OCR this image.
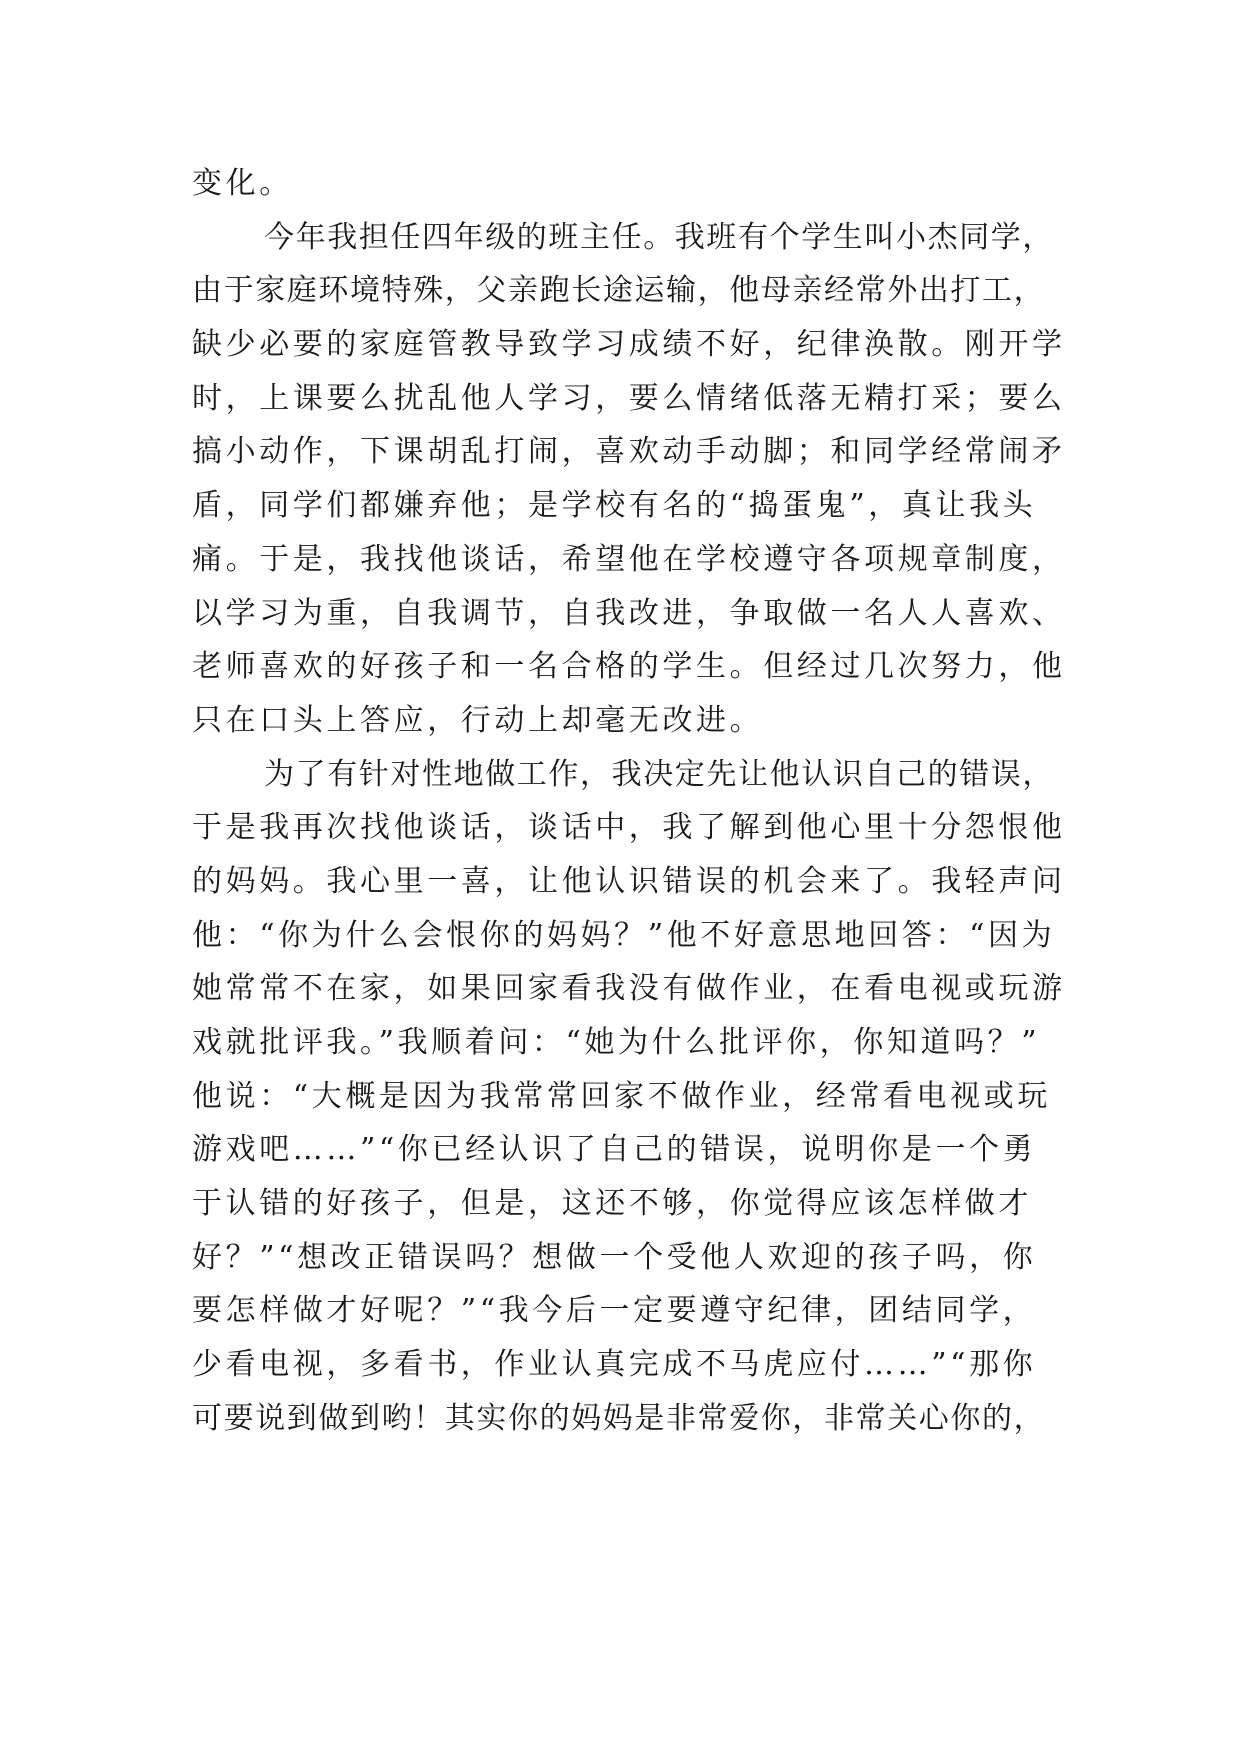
变化。
今年我担任四年级的班主任。我班有个学生叫小杰同学，
由于家庭环境特殊，父亲跑长途运输，他母亲经常外出打工，
缺少必要的家庭管教导致学习成绩不好，纪律涣散。刚开学
时，上课要么扰乱他人学习，要么情绪低落无精打采；要么
搞小动作，下课胡乱打闹，喜欢动手动脚；和同学经常闹矛
盾，同学们都嫌弃他；是学校有名的“捣蛋鬼”，真让我头
痛。于是，我找他谈话，希望他在学校遵守各项规章制度，
以学习为重，自我调节，自我改进，争取做一名人人喜欢、
老师喜欢的好孩子和一名合格的学生。但经过几次努力，他
只在口头上答应，行动上却毫无改进。
为了有针对性地做工作，我决定先让他认识自己的错误，
于是我再次找他谈话，谈话中，我了解到他心里十分怨恨他
的妈妈。我心里一喜，让他认识错误的机会来了。我轻声问
他：“你为什么会恨你的妈妈？”他不好意思地回答：“因为
她常常不在家，如果回家看我没有做作业，在看电视或玩游
戏就批评我。”我顺着问：“她为什么批评你，你知道吗？”
他说：“大概是因为我常常回家不做作业，经常看电视或玩
游戏吧……”“你已经认识了自己的错误，说明你是一个勇
于认错的好孩子，但是，这还不够，你觉得应该怎样做才
好？”“想改正错误吗？想做一个受他人欢迎的孩子吗，你
要怎样做才好呢？”“我今后一定要遵守纪律，团结同学，
少看电视，多看书，作业认真完成不马虎应付……”“那你
可要说到做到哟！其实你的妈妈是非常爱你，非常关心你的，
